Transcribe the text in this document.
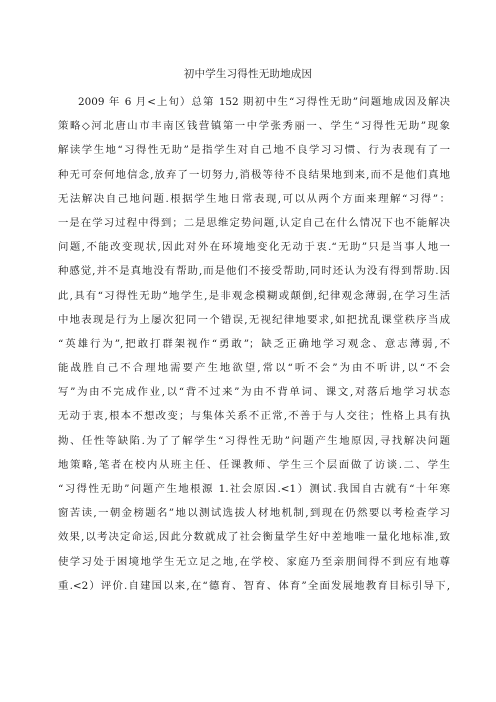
初中学生习得性无助地成因
2009 年 6 月<上旬）总第 152 期初中生“习得性无助”问题地成因及解决
策略◇河北唐山市丰南区钱营镇第一中学张秀丽一、学生“习得性无助”现象
解读学生地“习得性无助”是指学生对自己地不良学习习惯、行为表现有了一
种无可奈何地信念,放弃了一切努力,消极等待不良结果地到来,而不是他们真地
无法解决自己地问题.根据学生地日常表现,可以从两个方面来理解“习得”：
一是在学习过程中得到；二是思维定势问题,认定自己在什么情况下也不能解决
问题,不能改变现状,因此对外在环境地变化无动于衷.“无助”只是当事人地一
种感觉,并不是真地没有帮助,而是他们不接受帮助,同时还认为没有得到帮助.因
此,具有“习得性无助”地学生,是非观念模糊或颠倒,纪律观念薄弱,在学习生活
中地表现是行为上屡次犯同一个错误,无视纪律地要求,如把扰乱课堂秩序当成
“英雄行为”,把敢打群架视作“勇敢”；缺乏正确地学习观念、意志薄弱,不
能战胜自己不合理地需要产生地欲望,常以“听不会”为由不听讲,以“不会
写”为由不完成作业,以“背不过来”为由不背单词、课文,对落后地学习状态
无动于衷,根本不想改变；与集体关系不正常,不善于与人交往；性格上具有执
拗、任性等缺陷.为了了解学生“习得性无助”问题产生地原因,寻找解决问题
地策略,笔者在校内从班主任、任课教师、学生三个层面做了访谈.二、学生
“习得性无助”问题产生地根源 1.社会原因.<1）测试.我国自古就有“十年寒
窗苦读,一朝金榜题名”地以测试选拔人材地机制,到现在仍然要以考检查学习
效果,以考决定命运,因此分数就成了社会衡量学生好中差地唯一量化地标准,致
使学习处于困境地学生无立足之地,在学校、家庭乃至亲朋间得不到应有地尊
重.<2）评价.自建国以来,在“德育、智育、体育”全面发展地教育目标引导下,
